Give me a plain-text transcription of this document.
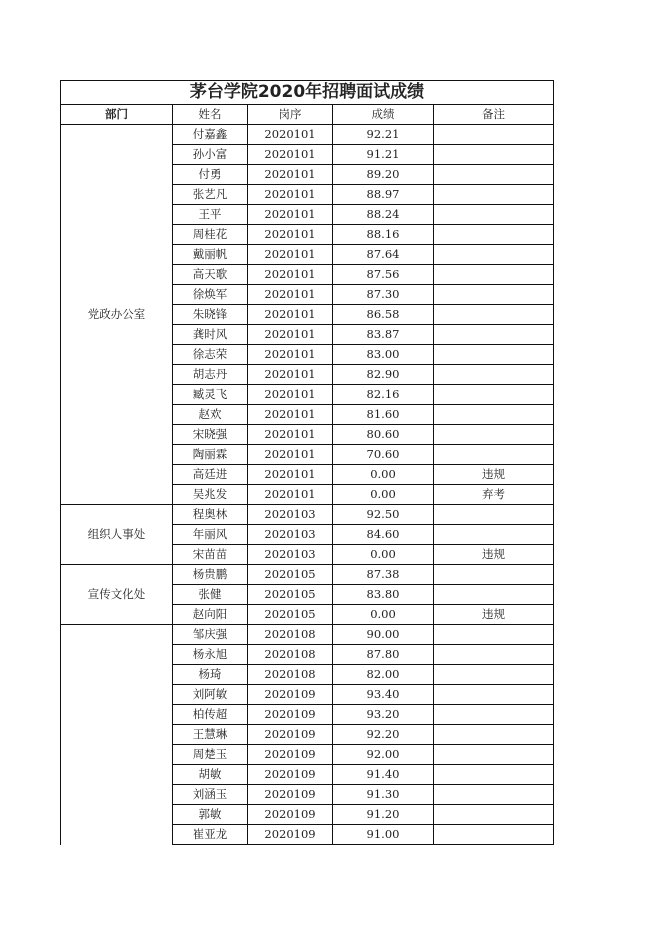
茅台学院2020年招聘面试成绩				
部门	姓名	岗序	成绩	备注
党政办公室	付嘉鑫	2020101	92.21	
	孙小富	2020101	91.21	
	付勇	2020101	89.20	
	张艺凡	2020101	88.97	
	王平	2020101	88.24	
	周桂花	2020101	88.16	
	戴丽帆	2020101	87.64	
	高天歌	2020101	87.56	
	徐焕军	2020101	87.30	
	朱晓锋	2020101	86.58	
	龚时风	2020101	83.87	
	徐志荣	2020101	83.00	
	胡志丹	2020101	82.90	
	臧灵飞	2020101	82.16	
	赵欢	2020101	81.60	
	宋晓强	2020101	80.60	
	陶丽霖	2020101	70.60	
	高廷进	2020101	0.00	违规
	吴兆发	2020101	0.00	弃考
组织人事处	程奥林	2020103	92.50	
	年丽风	2020103	84.60	
	宋苗苗	2020103	0.00	违规
宣传文化处	杨贵鹏	2020105	87.38	
	张健	2020105	83.80	
	赵向阳	2020105	0.00	违规
	邹庆强	2020108	90.00	
	杨永旭	2020108	87.80	
	杨琦	2020108	82.00	
	刘阿敏	2020109	93.40	
	柏传超	2020109	93.20	
	王慧琳	2020109	92.20	
	周楚玉	2020109	92.00	
	胡敏	2020109	91.40	
	刘涵玉	2020109	91.30	
	郭敏	2020109	91.20	
	崔亚龙	2020109	91.00	
